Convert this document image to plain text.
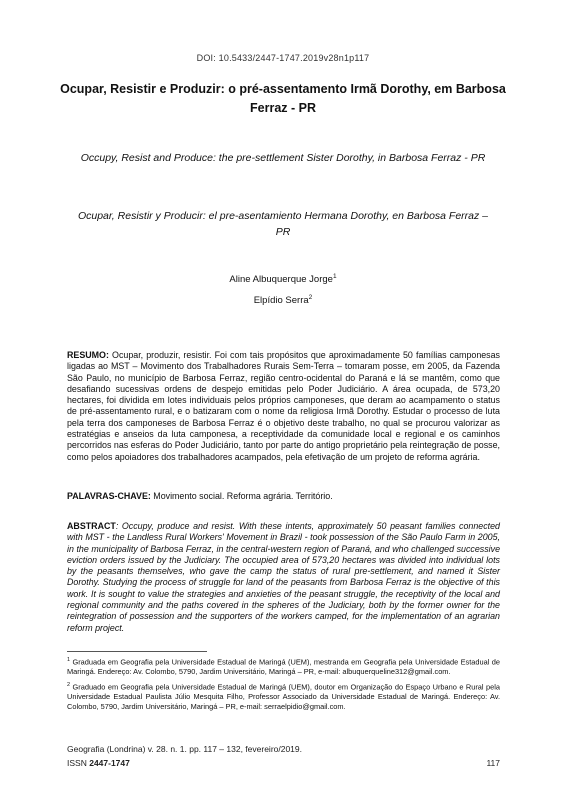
DOI: 10.5433/2447-1747.2019v28n1p117
Ocupar, Resistir e Produzir: o pré-assentamento Irmã Dorothy, em Barbosa Ferraz - PR
Occupy, Resist and Produce: the pre-settlement Sister Dorothy, in Barbosa Ferraz - PR
Ocupar, Resistir y Producir: el pre-asentamiento Hermana Dorothy, en Barbosa Ferraz – PR
Aline Albuquerque Jorge$^1$
Elpídio Serra$^2$
RESUMO: Ocupar, produzir, resistir. Foi com tais propósitos que aproximadamente 50 famílias camponesas ligadas ao MST – Movimento dos Trabalhadores Rurais Sem-Terra – tomaram posse, em 2005, da Fazenda São Paulo, no município de Barbosa Ferraz, região centro-ocidental do Paraná e lá se mantêm, como que desafiando sucessivas ordens de despejo emitidas pelo Poder Judiciário. A área ocupada, de 573,20 hectares, foi dividida em lotes individuais pelos próprios camponeses, que deram ao acampamento o status de pré-assentamento rural, e o batizaram com o nome da religiosa Irmã Dorothy. Estudar o processo de luta pela terra dos camponeses de Barbosa Ferraz é o objetivo deste trabalho, no qual se procurou valorizar as estratégias e anseios da luta camponesa, a receptividade da comunidade local e regional e os caminhos percorridos nas esferas do Poder Judiciário, tanto por parte do antigo proprietário pela reintegração de posse, como pelos apoiadores dos trabalhadores acampados, pela efetivação de um projeto de reforma agrária.
PALAVRAS-CHAVE: Movimento social. Reforma agrária. Território.
ABSTRACT: Occupy, produce and resist. With these intents, approximately 50 peasant families connected with MST - the Landless Rural Workers' Movement in Brazil - took possession of the São Paulo Farm in 2005, in the municipality of Barbosa Ferraz, in the central-western region of Paraná, and who challenged successive eviction orders issued by the Judiciary. The occupied area of 573,20 hectares was divided into individual lots by the peasants themselves, who gave the camp the status of rural pre-settlement, and named it Sister Dorothy. Studying the process of struggle for land of the peasants from Barbosa Ferraz is the objective of this work. It is sought to value the strategies and anxieties of the peasant struggle, the receptivity of the local and regional community and the paths covered in the spheres of the Judiciary, both by the former owner for the reintegration of possession and the supporters of the workers camped, for the implementation of an agrarian reform project.

$^1$ Graduada em Geografia pela Universidade Estadual de Maringá (UEM), mestranda em Geografia pela Universidade Estadual de Maringá. Endereço: Av. Colombo, 5790, Jardim Universitário, Maringá – PR, e-mail: albuquerqueline312@gmail.com.

$^2$ Graduado em Geografia pela Universidade Estadual de Maringá (UEM), doutor em Organização do Espaço Urbano e Rural pela Universidade Estadual Paulista Júlio Mesquita Filho, Professor Associado da Universidade Estadual de Maringá. Endereço: Av. Colombo, 5790, Jardim Universitário, Maringá – PR, e-mail: serraelpidio@gmail.com.

Geografia (Londrina) v. 28. n. 1. pp. 117 – 132, fevereiro/2019.
ISSN 2447-1747	117
